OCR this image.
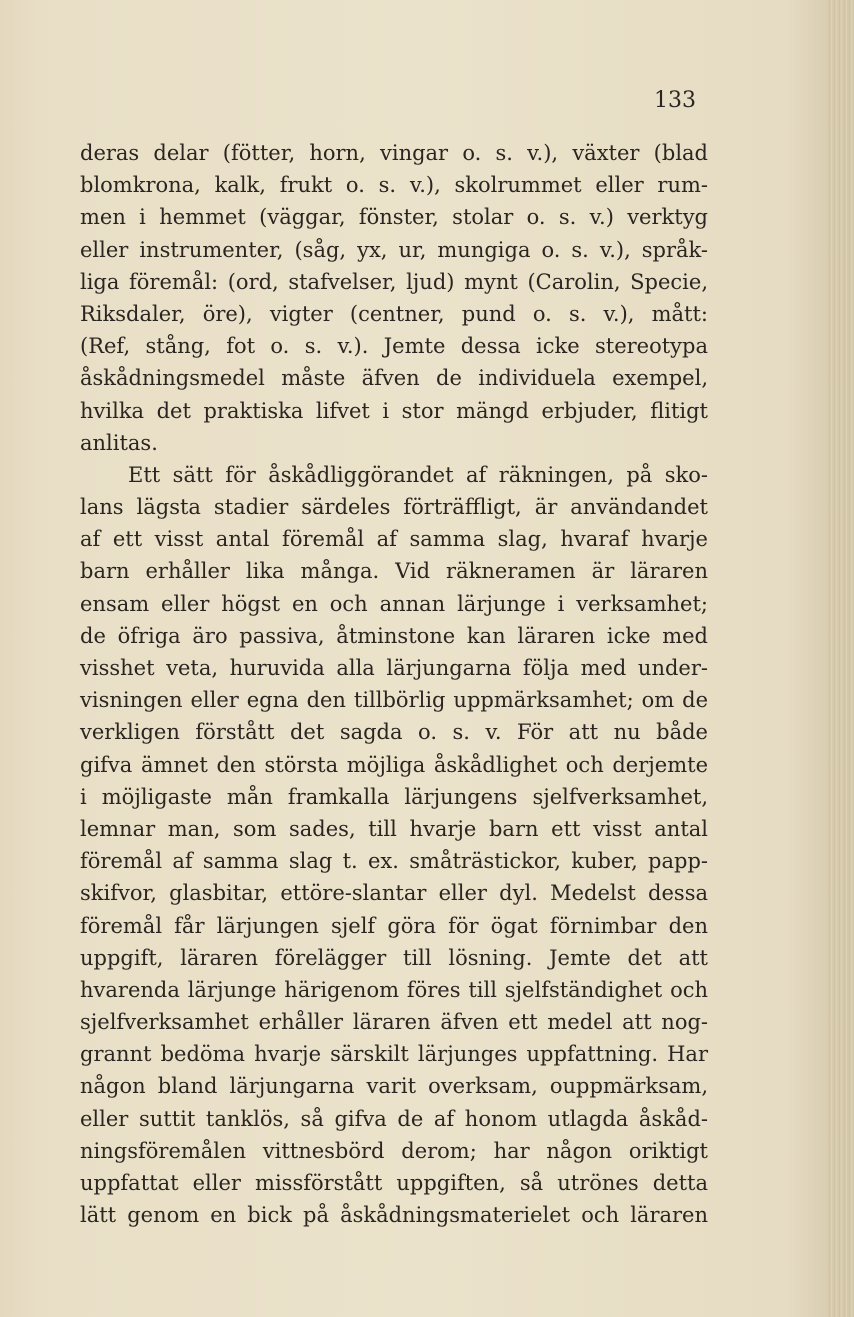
133
deras delar (fötter, horn, vingar o. s. v.), växter (blad
blomkrona, kalk, frukt o. s. v.), skolrummet eller rum-
men i hemmet (väggar, fönster, stolar o. s. v.) verktyg
eller instrumenter, (såg, yx, ur, mungiga o. s. v.), språk-
liga föremål: (ord, stafvelser, ljud) mynt (Carolin, Specie,
Riksdaler, öre), vigter (centner, pund o. s. v.), mått:
(Ref, stång, fot o. s. v.). Jemte dessa icke stereotypa
åskådningsmedel måste äfven de individuela exempel,
hvilka det praktiska lifvet i stor mängd erbjuder, flitigt
anlitas.
Ett sätt för åskådliggörandet af räkningen, på sko-
lans lägsta stadier särdeles förträffligt, är användandet
af ett visst antal föremål af samma slag, hvaraf hvarje
barn erhåller lika många. Vid räkneramen är läraren
ensam eller högst en och annan lärjunge i verksamhet;
de öfriga äro passiva, åtminstone kan läraren icke med
visshet veta, huruvida alla lärjungarna följa med under-
visningen eller egna den tillbörlig uppmärksamhet; om de
verkligen förstått det sagda o. s. v. För att nu både
gifva ämnet den största möjliga åskådlighet och derjemte
i möjligaste mån framkalla lärjungens sjelfverksamhet,
lemnar man, som sades, till hvarje barn ett visst antal
föremål af samma slag t. ex. småträstickor, kuber, papp-
skifvor, glasbitar, ettöre-slantar eller dyl. Medelst dessa
föremål får lärjungen sjelf göra för ögat förnimbar den
uppgift, läraren förelägger till lösning. Jemte det att
hvarenda lärjunge härigenom föres till sjelfständighet och
sjelfverksamhet erhåller läraren äfven ett medel att nog-
grannt bedöma hvarje särskilt lärjunges uppfattning. Har
någon bland lärjungarna varit overksam, ouppmärksam,
eller suttit tanklös, så gifva de af honom utlagda åskåd-
ningsföremålen vittnesbörd derom; har någon oriktigt
uppfattat eller missförstått uppgiften, så utrönes detta
lätt genom en bick på åskådningsmaterielet och läraren
